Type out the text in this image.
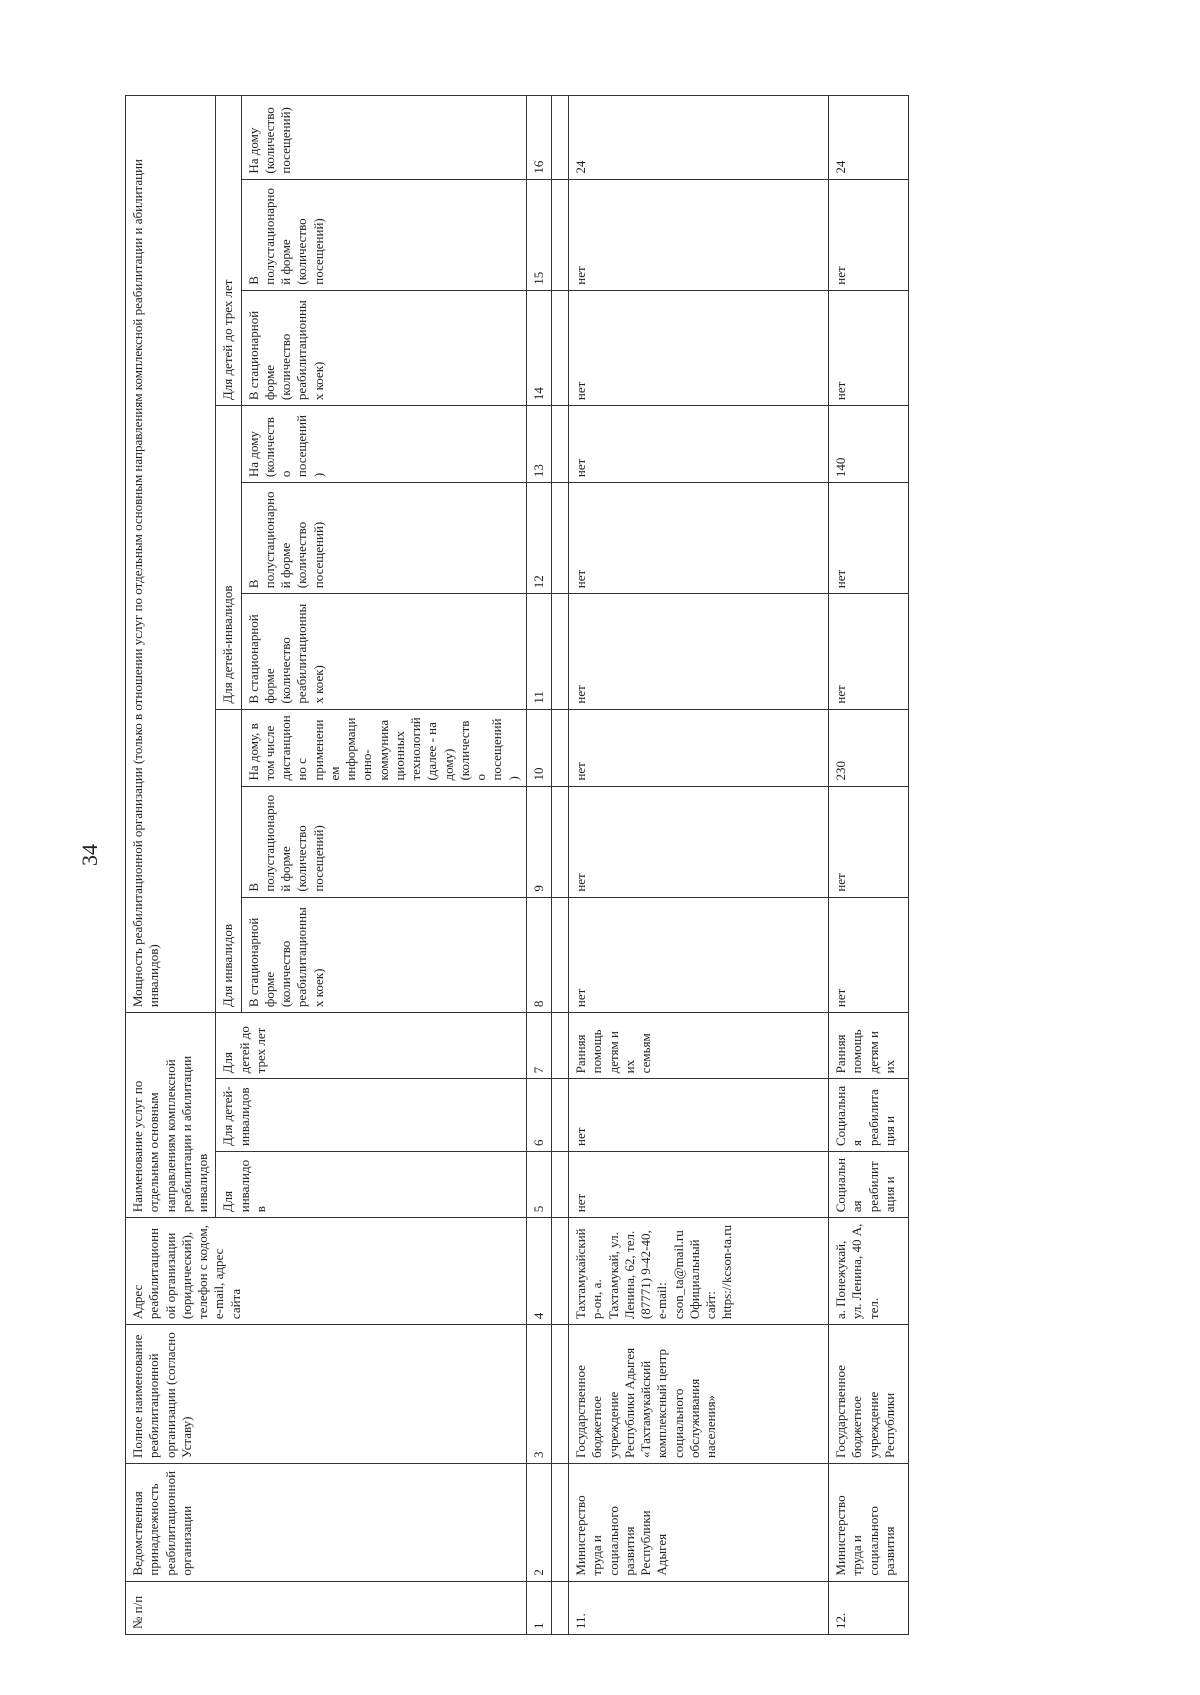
34
№ п/п	Ведомственная принадлежность реабилитационной организации	Полное наименование реабилитационной организации (согласно Уставу)	Адрес реабилитационной организации (юридический), телефон с кодом, e-mail, адрес сайта	Наименование услуг по отдельным основным направлениям комплексной реабилитации и абилитации инвалидов			Мощность реабилитационной организации (только в отношении услуг по отдельным основным направлениям комплексной реабилитации и абилитации инвалидов)								
				Для инвалидов	Для детей-инвалидов	Для детей до трех лет	Для инвалидов			Для детей-инвалидов			Для детей до трех лет		
							В стационарной форме (количество реабилитационных коек)	В полустационарной форме (количество посещений)	На дому, в том числе дистанционно с применением информационно-коммуникационных технологий (далее - на дому) (количество посещений)	В стационарной форме (количество реабилитационных коек)	В полустационарной форме (количество посещений)	На дому (количество посещений)	В стационарной форме (количество реабилитационных коек)	В полустационарной форме (количество посещений)	На дому (количество посещений)
1	2	3	4	5	6	7	8	9	10	11	12	13	14	15	16

11.	Министерство труда и социального развития Республики Адыгея	Государственное бюджетное учреждение Республики Адыгея «Тахтамукайский комплексный центр социального обслуживания населения»	Тахтамукайский р-он, а. Тахтамукай, ул. Ленина, 62, тел. (87771) 9-42-40, e-mail: cson_ta@mail.ru Официальный сайт: https://kcson-ta.ru	нет	нет	Ранняя помощь детям и их семьям	нет	нет	нет	нет	нет	нет	нет	нет	24
12.	Министерство труда и социального развития	Государственное бюджетное учреждение Республики	а. Понежукай, ул. Ленина, 40 А, тел.	Социальная реабилитация и	Социальная реабилитация и	Ранняя помощь детям и их	нет	нет	230	нет	нет	140	нет	нет	24
